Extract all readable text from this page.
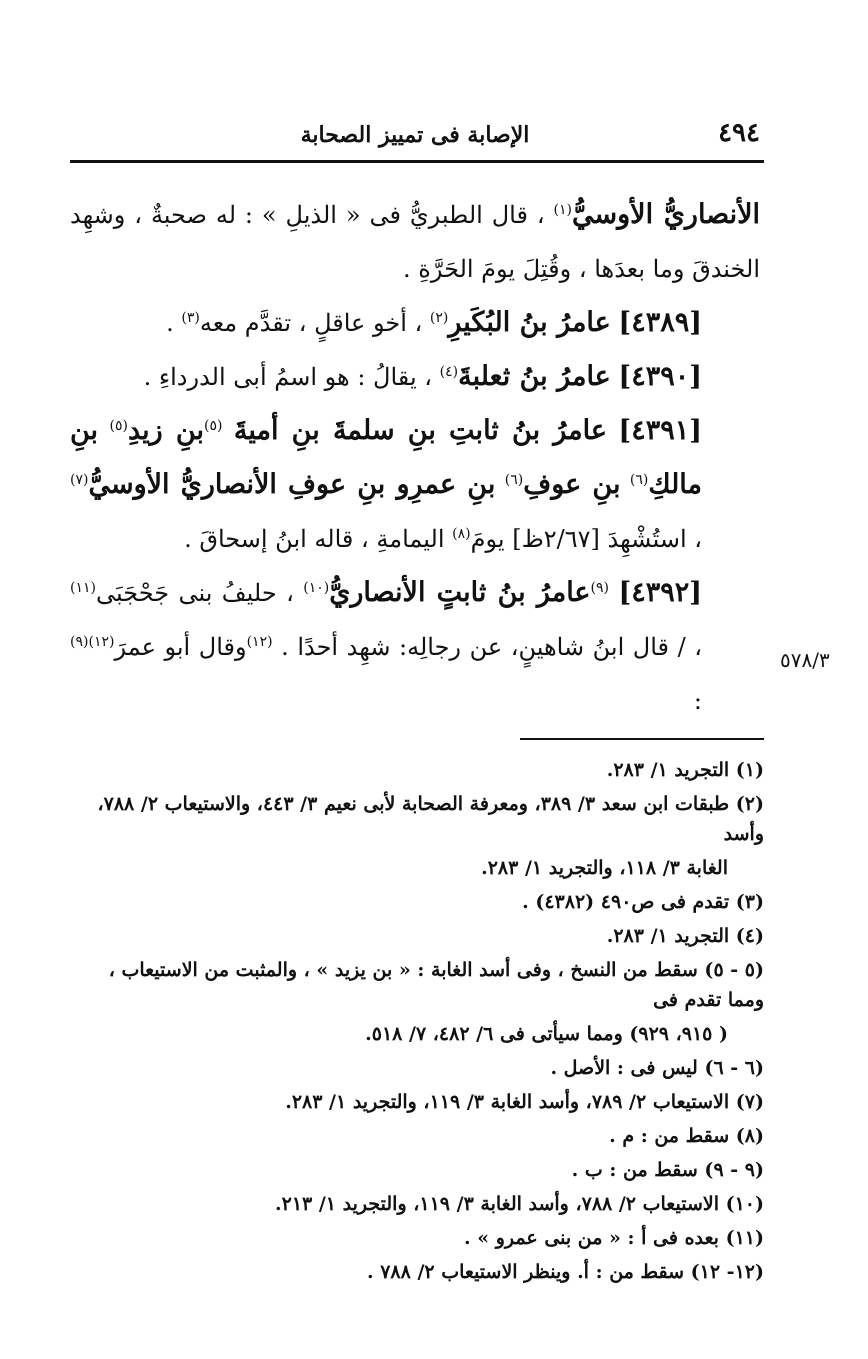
٤٩٤
الإصابة فى تمييز الصحابة

الأنصاريُّ الأوسيُّ$^{(١)}$ ، قال الطبريُّ فى « الذيلِ » : له صحبةٌ ، وشهِد الخندقَ وما بعدَها ، وقُتِلَ يومَ الحَرَّةِ .

[٤٣٨٩] عامرُ بنُ البُكَيرِ$^{(٢)}$ ، أخو عاقلٍ ، تقدَّم معه$^{(٣)}$ .

[٤٣٩٠] عامرُ بنُ ثعلبةَ$^{(٤)}$ ، يقالُ : هو اسمُ أبى الدرداءِ .

[٤٣٩١] عامرُ بنُ ثابتِ بنِ سلمةَ بنِ أميةَ $^{(٥)}$بنِ زيدِ$^{(٥)}$ بنِ مالكِ$^{(٦)}$ بنِ عوفِ$^{(٦)}$ بنِ عمرِو بنِ عوفِ الأنصاريُّ الأوسيُّ$^{(٧)}$ ، استُشْهِدَ [٢/٦٧ظ] يومَ$^{(٨)}$ اليمامةِ ، قاله ابنُ إسحاقَ .

[٤٣٩٢] $^{(٩)}$عامرُ بنُ ثابتٍ الأنصاريُّ$^{(١٠)}$ ، حليفُ بنى جَحْجَبَى$^{(١١)}$ ، / قال ابنُ شاهينٍ، عن رجالِه: شهِد أحدًا . $^{(١٢)}$وقال أبو عمرَ$^{(١٢)(٩)}$ :

٥٧٨/٣

(١) التجريد ١/ ٢٨٣.

(٢) طبقات ابن سعد ٣/ ٣٨٩، ومعرفة الصحابة لأبى نعيم ٣/ ٤٤٣، والاستيعاب ٢/ ٧٨٨، وأسد

الغابة ٣/ ١١٨، والتجريد ١/ ٢٨٣.

(٣) تقدم فى ص٤٩٠ (٤٣٨٢) .

(٤) التجريد ١/ ٢٨٣.

(٥ - ٥) سقط من النسخ ، وفى أسد الغابة : « بن يزيد » ، والمثبت من الاستيعاب ، ومما تقدم فى

( ٩١٥، ٩٢٩) ومما سيأتى فى ٦/ ٤٨٢، ٧/ ٥١٨.

(٦ - ٦) ليس فى : الأصل .

(٧) الاستيعاب ٢/ ٧٨٩، وأسد الغابة ٣/ ١١٩، والتجريد ١/ ٢٨٣.

(٨) سقط من : م .

(٩ - ٩) سقط من : ب .

(١٠) الاستيعاب ٢/ ٧٨٨، وأسد الغابة ٣/ ١١٩، والتجريد ١/ ٢١٣.

(١١) بعده فى أ : « من بنى عمرو » .

(١٢- ١٢) سقط من : أ. وينظر الاستيعاب ٢/ ٧٨٨ .
